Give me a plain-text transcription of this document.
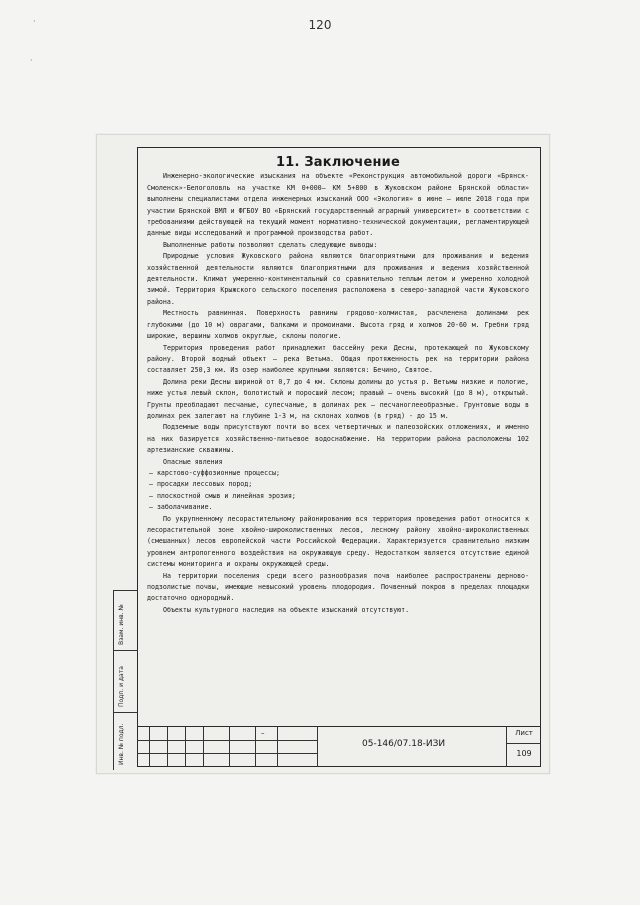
120
Взам. инв. №
Подп. и дата
Инв. № подл.
11. Заключение

Инженерно-экологические изыскания на объекте «Реконструкция автомобильной дороги «Брянск-Смоленск»-Белоголовль на участке КМ 0+000– КМ 5+800 в Жуковском районе Брянской области» выполнены специалистами отдела инженерных изысканий ООО «Экология» в июне – июле 2018 года при участии Брянской ВМЛ и ФГБОУ ВО «Брянский государственный аграрный университет» в соответствии с требованиями действующей на текущий момент нормативно-технической документации, регламентирующей данные виды исследований и программой производства работ.

Выполненные работы позволяют сделать следующие выводы:

Природные условия Жуковского района являются благоприятными для проживания и ведения хозяйственной деятельности являются благоприятными для проживания и ведения хозяйственной деятельности. Климат умеренно-континентальный со сравнительно теплым летом и умеренно холодной зимой. Территория Крыжского сельского поселения расположена в северо-западной части Жуковского района.

Местность равнинная. Поверхность равнины грядово-холмистая, расчленена долинами рек глубокими (до 10 м) оврагами, балками и промоинами. Высота гряд и холмов 20-60 м. Гребни гряд широкие, вершины холмов округлые, склоны пологие.

Территория проведения работ принадлежит бассейну реки Десны, протекающей по Жуковскому району. Второй водный объект – река Ветьма. Общая протяженность рек на территории района составляет 250,3 км. Из озер наиболее крупными являются: Бечино, Святое.

Долина реки Десны шириной от 0,7 до 4 км. Склоны долины до устья р. Ветьмы низкие и пологие, ниже устья левый склон, болотистый и поросший лесом; правый – очень высокий (до 8 м), открытый. Грунты преобладают песчаные, супесчаные, в долинах рек – песчаноглееобразные. Грунтовые воды в долинах рек залегают на глубине 1-3 м, на склонах холмов (в гряд) - до 15 м.

Подземные воды присутствуют почти во всех четвертичных и палеозойских отложениях, и именно на них базируется хозяйственно-питьевое водоснабжение. На территории района расположены 102 артезианские скважины.

Опасные явления

– карстово-суффозионные процессы;
– просадки лессовых пород;
– плоскостной смыв и линейная эрозия;
– заболачивание.

По укрупненному лесорастительному районированию вся территория проведения работ относится к лесорастительной зоне хвойно-широколиственных лесов, лесному району хвойно-широколиственных (смешанных) лесов европейской части Российской Федерации. Характеризуется сравнительно низким уровнем антропогенного воздействия на окружающую среду. Недостатком является отсутствие единой системы мониторинга и охраны окружающей среды.

На территории поселения среди всего разнообразия почв наиболее распространены дерново-подзолистые почвы, имеющие невысокий уровень плодородия. Почвенный покров в пределах площадки достаточно однородный.

Объекты культурного наследия на объекте изысканий отсутствуют.

–
05-146/07.18-ИЗИ
Лист
109
·
·
